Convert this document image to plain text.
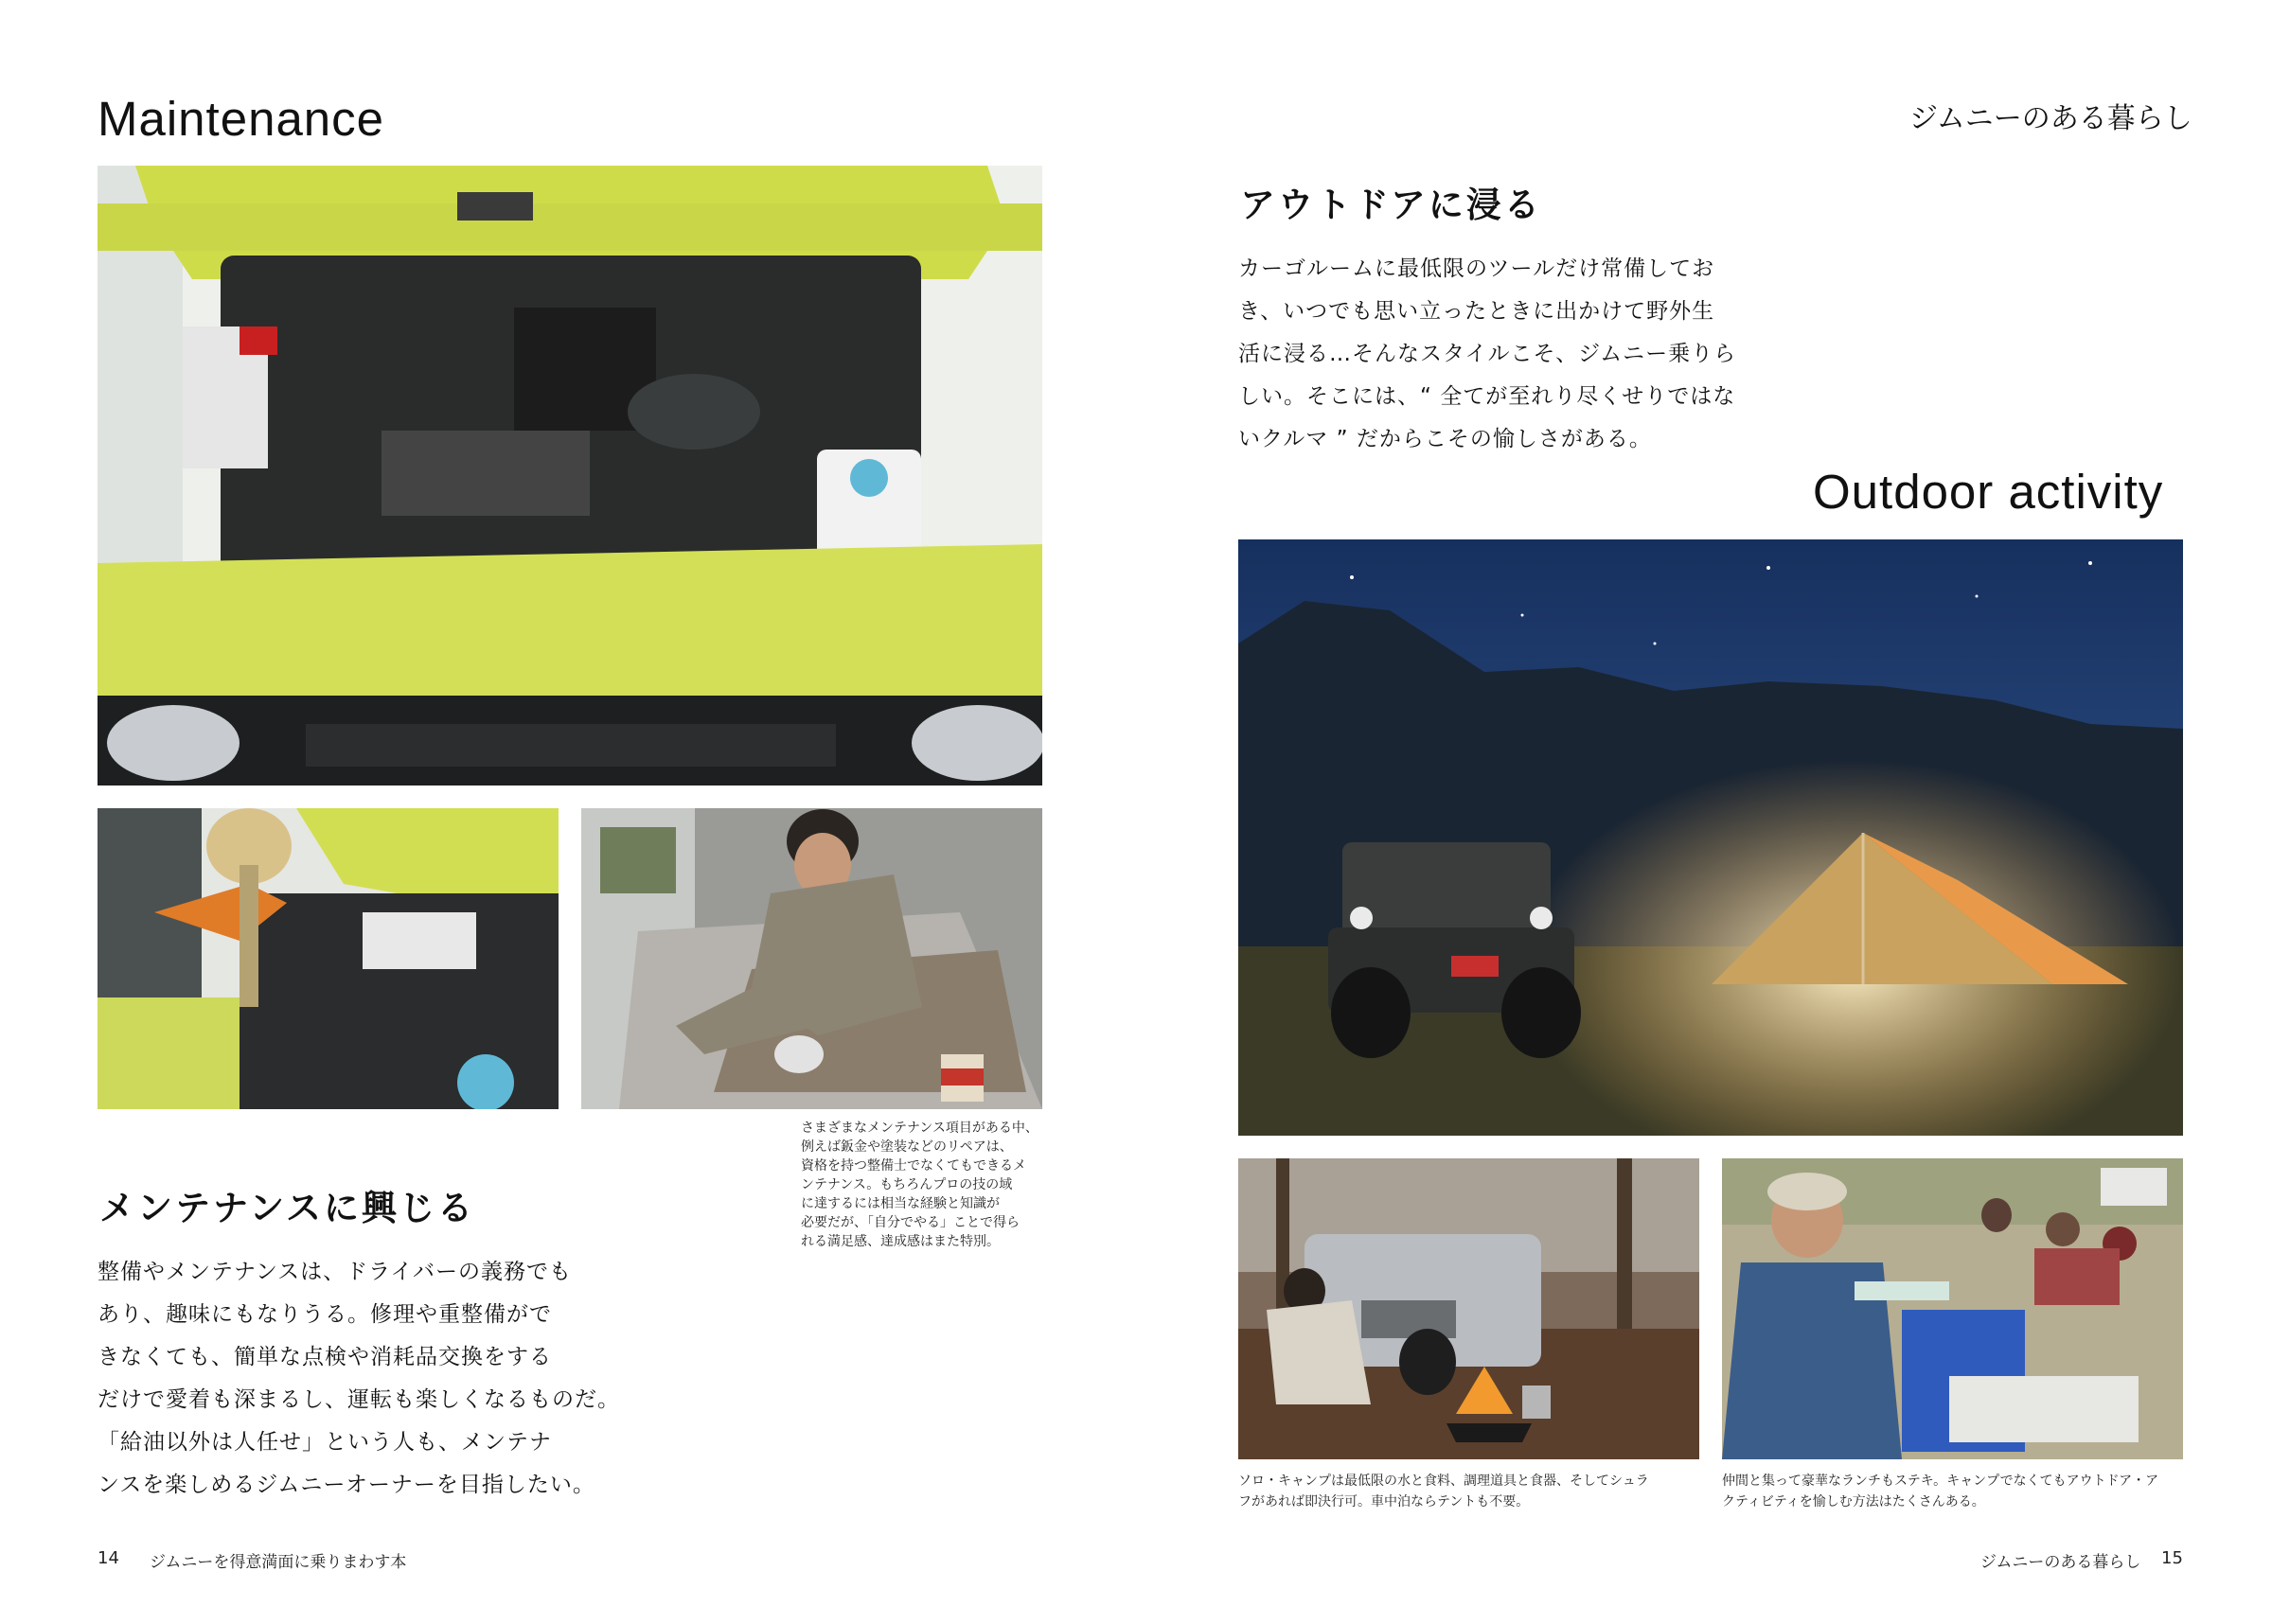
Maintenance
さまざまなメンテナンス項目がある中、
例えば鈑金や塗装などのリペアは、
資格を持つ整備士でなくてもできるメ
ンテナンス。もちろんプロの技の域
に達するには相当な経験と知識が
必要だが、「自分でやる」ことで得ら
れる満足感、達成感はまた特別。
メンテナンスに興じる
整備やメンテナンスは、ドライバーの義務でも
あり、趣味にもなりうる。修理や重整備がで
きなくても、簡単な点検や消耗品交換をする
だけで愛着も深まるし、運転も楽しくなるものだ。
「給油以外は人任せ」という人も、メンテナ
ンスを楽しめるジムニーオーナーを目指したい。
14 ジムニーを得意満面に乗りまわす本
ジムニーのある暮らし
アウトドアに浸る
カーゴルームに最低限のツールだけ常備してお
き、いつでも思い立ったときに出かけて野外生
活に浸る…そんなスタイルこそ、ジムニー乗りら
しい。そこには、“ 全てが至れり尽くせりではな
いクルマ ” だからこその愉しさがある。
Outdoor activity
ソロ・キャンプは最低限の水と食料、調理道具と食器、そしてシュラ
フがあれば即決行可。車中泊ならテントも不要。
仲間と集って豪華なランチもステキ。キャンプでなくてもアウトドア・ア
クティビティを愉しむ方法はたくさんある。
ジムニーのある暮らし 15
